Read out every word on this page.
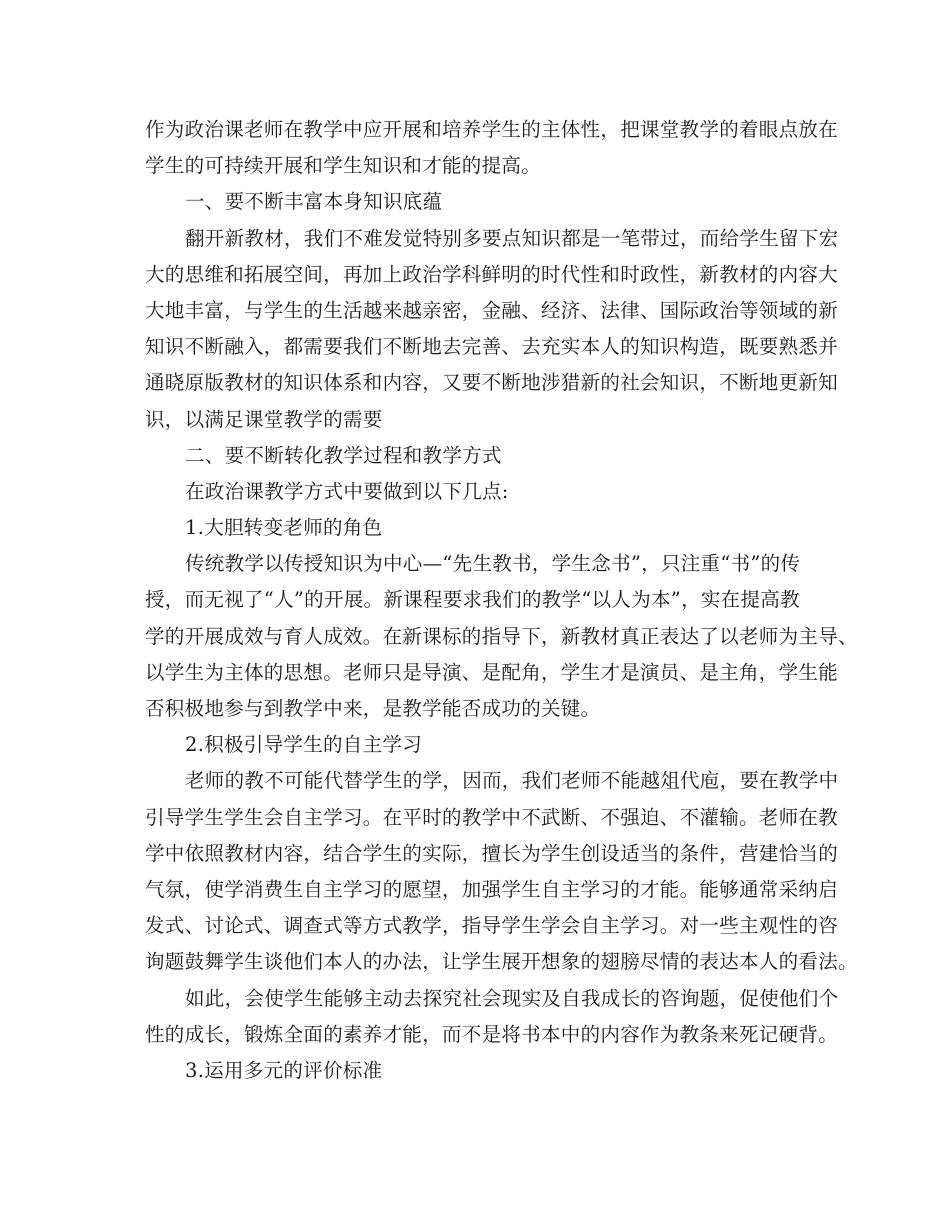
作为政治课老师在教学中应开展和培养学生的主体性，把课堂教学的着眼点放在
学生的可持续开展和学生知识和才能的提高。
一、要不断丰富本身知识底蕴
翻开新教材，我们不难发觉特别多要点知识都是一笔带过，而给学生留下宏
大的思维和拓展空间，再加上政治学科鲜明的时代性和时政性，新教材的内容大
大地丰富，与学生的生活越来越亲密，金融、经济、法律、国际政治等领域的新
知识不断融入，都需要我们不断地去完善、去充实本人的知识构造，既要熟悉并
通晓原版教材的知识体系和内容，又要不断地涉猎新的社会知识，不断地更新知
识，以满足课堂教学的需要
二、要不断转化教学过程和教学方式
在政治课教学方式中要做到以下几点:
1.大胆转变老师的角色
传统教学以传授知识为中心—“先生教书，学生念书”，只注重“书”的传
授，而无视了“人”的开展。新课程要求我们的教学“以人为本”，实在提高教
学的开展成效与育人成效。在新课标的指导下，新教材真正表达了以老师为主导、
以学生为主体的思想。老师只是导演、是配角，学生才是演员、是主角，学生能
否积极地参与到教学中来，是教学能否成功的关键。
2.积极引导学生的自主学习
老师的教不可能代替学生的学，因而，我们老师不能越俎代庖，要在教学中
引导学生学生会自主学习。在平时的教学中不武断、不强迫、不灌输。老师在教
学中依照教材内容，结合学生的实际，擅长为学生创设适当的条件，营建恰当的
气氛，使学消费生自主学习的愿望，加强学生自主学习的才能。能够通常采纳启
发式、讨论式、调查式等方式教学，指导学生学会自主学习。对一些主观性的咨
询题鼓舞学生谈他们本人的办法，让学生展开想象的翅膀尽情的表达本人的看法。
如此，会使学生能够主动去探究社会现实及自我成长的咨询题，促使他们个
性的成长，锻炼全面的素养才能，而不是将书本中的内容作为教条来死记硬背。
3.运用多元的评价标准
